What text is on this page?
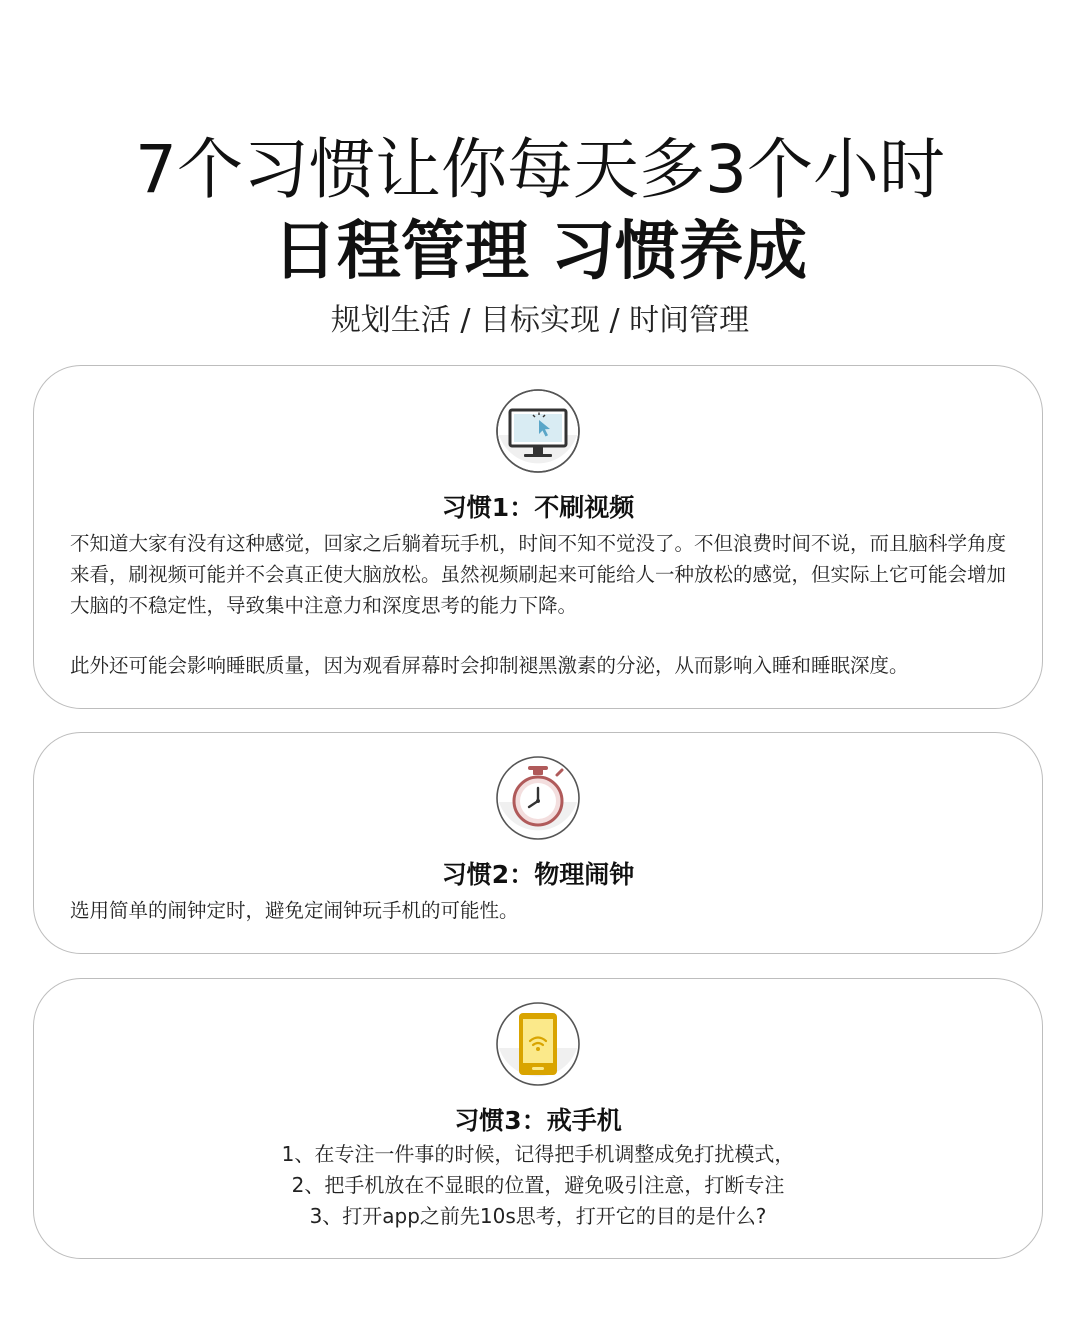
7个习惯让你每天多3个小时
日程管理 习惯养成

规划生活 / 目标实现 / 时间管理

习惯1：不刷视频

不知道大家有没有这种感觉，回家之后躺着玩手机，时间不知不觉没了。不但浪费时间不说，而且脑科学角度来看，刷视频可能并不会真正使大脑放松。虽然视频刷起来可能给人一种放松的感觉，但实际上它可能会增加大脑的不稳定性，导致集中注意力和深度思考的能力下降。

此外还可能会影响睡眠质量，因为观看屏幕时会抑制褪黑激素的分泌，从而影响入睡和睡眠深度。

习惯2：物理闹钟

选用简单的闹钟定时，避免定闹钟玩手机的可能性。

习惯3：戒手机
1、在专注一件事的时候，记得把手机调整成免打扰模式，
2、把手机放在不显眼的位置，避免吸引注意，打断专注
3、打开app之前先10s思考，打开它的目的是什么?
